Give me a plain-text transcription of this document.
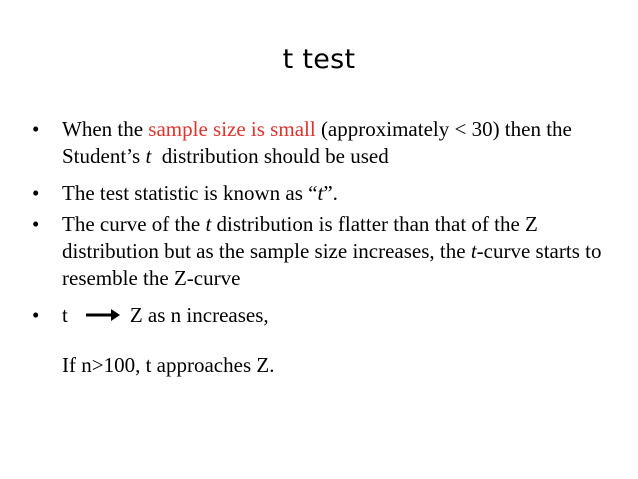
t test
•	When the sample size is small (approximately < 30) then the Student’s t  distribution should be used
•	The test statistic is known as “t”.
•	The curve of the t distribution is flatter than that of the Z distribution but as the sample size increases, the t-curve starts to resemble the Z-curve
•	t	Z as n increases,
If n>100, t approaches Z.
